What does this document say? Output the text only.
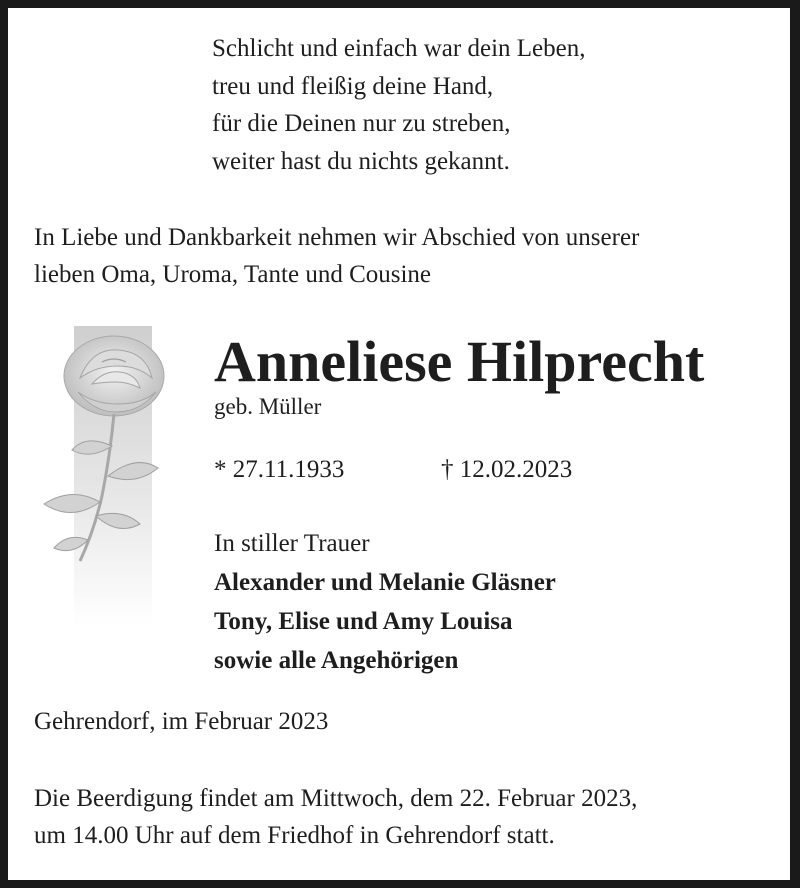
Schlicht und einfach war dein Leben,
treu und fleißig deine Hand,
für die Deinen nur zu streben,
weiter hast du nichts gekannt.
In Liebe und Dankbarkeit nehmen wir Abschied von unserer
lieben Oma, Uroma, Tante und Cousine
Anneliese Hilprecht
geb. Müller
* 27.11.1933	† 12.02.2023
In stiller Trauer
Alexander und Melanie Gläsner
Tony, Elise und Amy Louisa
sowie alle Angehörigen
Gehrendorf, im Februar 2023
Die Beerdigung findet am Mittwoch, dem 22. Februar 2023,
um 14.00 Uhr auf dem Friedhof in Gehrendorf statt.
